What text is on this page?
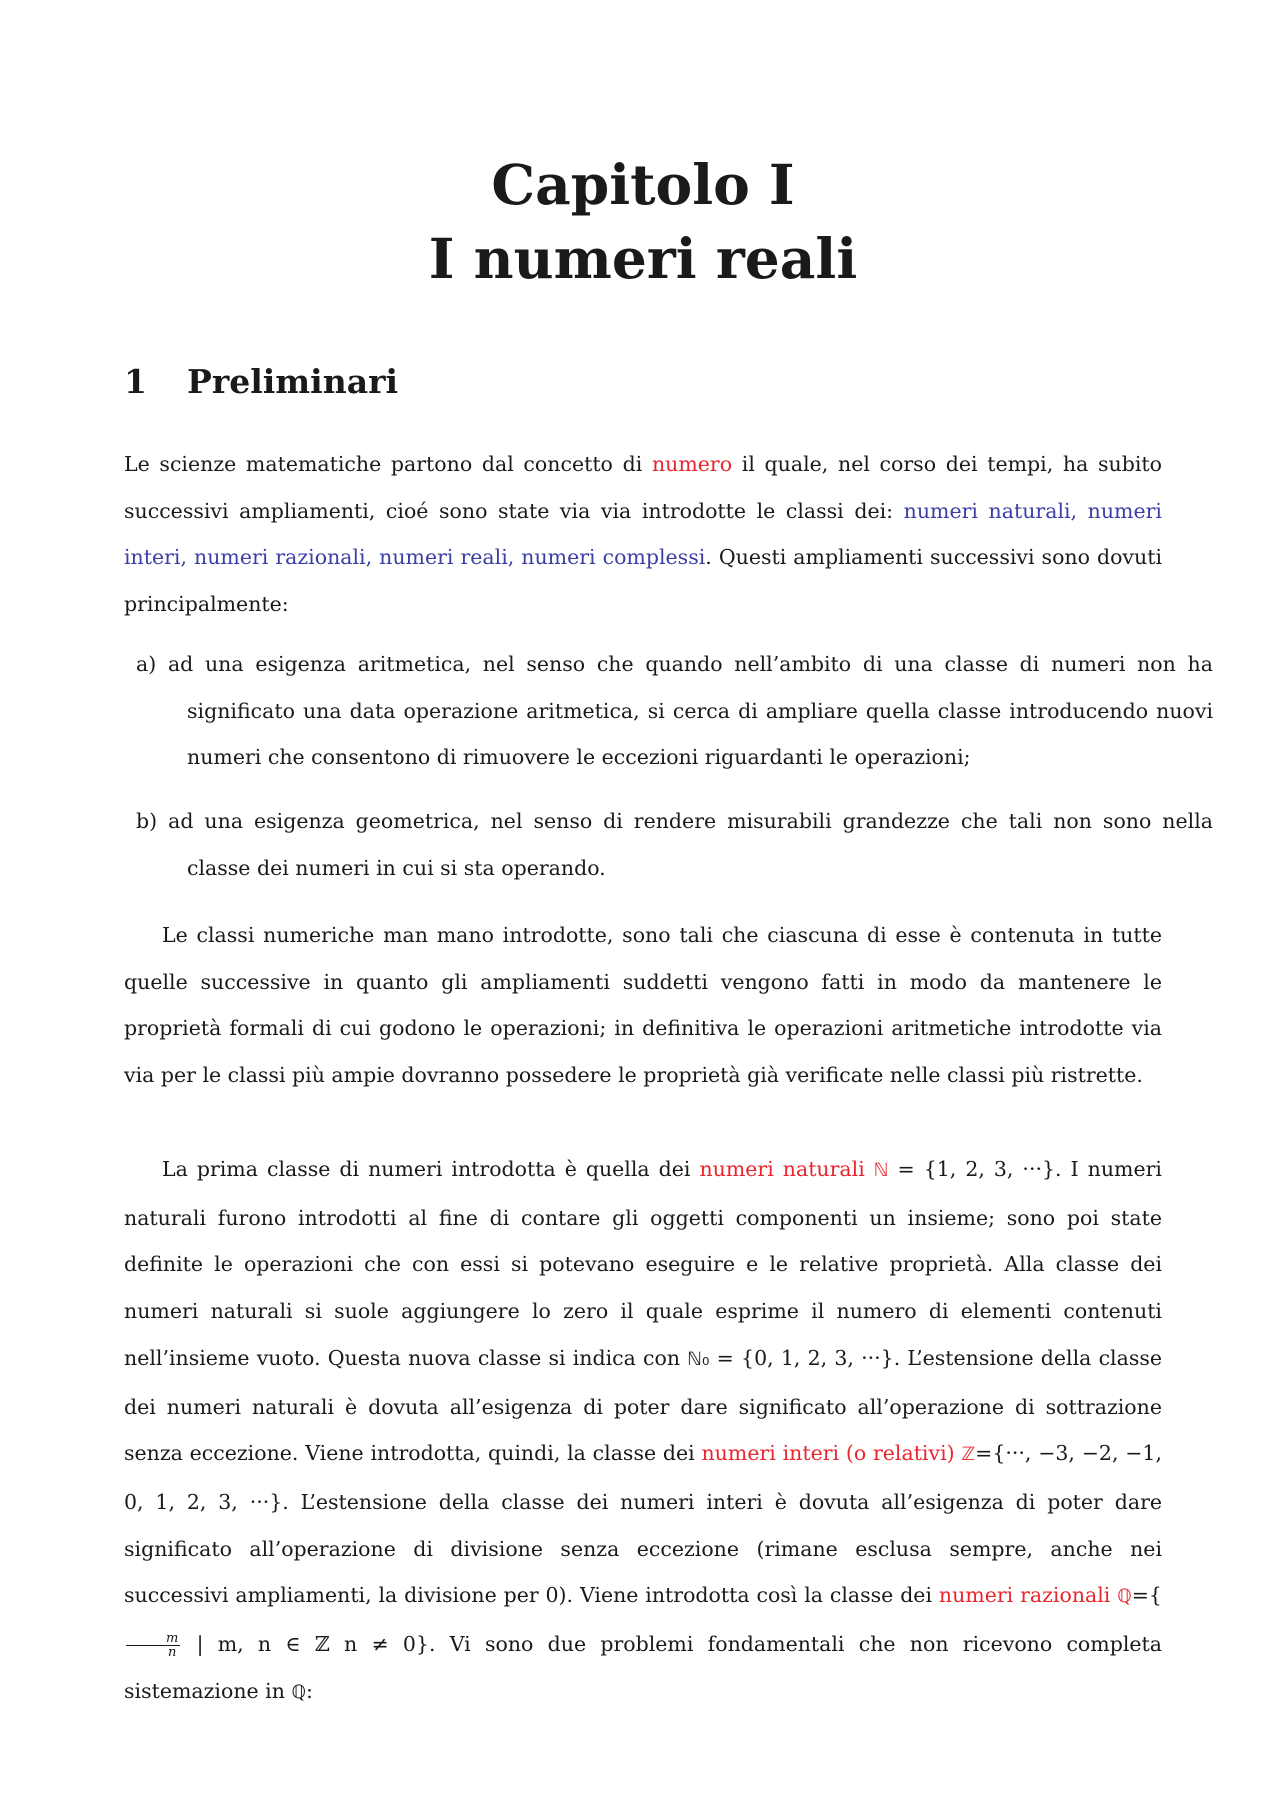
Capitolo I
I numeri reali
1 Preliminari
Le scienze matematiche partono dal concetto di numero il quale, nel corso dei tempi, ha subito successivi ampliamenti, cioé sono state via via introdotte le classi dei: numeri naturali, numeri interi, numeri razionali, numeri reali, numeri complessi. Questi ampliamenti successivi sono dovuti principalmente:
a) ad una esigenza aritmetica, nel senso che quando nell’ambito di una classe di numeri non ha significato una data operazione aritmetica, si cerca di ampliare quella classe introducendo nuovi numeri che consentono di rimuovere le eccezioni riguardanti le operazioni;
b) ad una esigenza geometrica, nel senso di rendere misurabili grandezze che tali non sono nella classe dei numeri in cui si sta operando.
Le classi numeriche man mano introdotte, sono tali che ciascuna di esse è contenuta in tutte quelle successive in quanto gli ampliamenti suddetti vengono fatti in modo da mantenere le proprietà formali di cui godono le operazioni; in definitiva le operazioni aritmetiche introdotte via via per le classi più ampie dovranno possedere le proprietà già verificate nelle classi più ristrette.
La prima classe di numeri introdotta è quella dei numeri naturali ℕ = {1, 2, 3, ···}. I numeri naturali furono introdotti al fine di contare gli oggetti componenti un insieme; sono poi state definite le operazioni che con essi si potevano eseguire e le relative proprietà. Alla classe dei numeri naturali si suole aggiungere lo zero il quale esprime il numero di elementi contenuti nell’insieme vuoto. Questa nuova classe si indica con ℕ₀ = {0, 1, 2, 3, ···}. L’estensione della classe dei numeri naturali è dovuta all’esigenza di poter dare significato all’operazione di sottrazione senza eccezione. Viene introdotta, quindi, la classe dei numeri interi (o relativi) ℤ={···, −3, −2, −1, 0, 1, 2, 3, ···}. L’estensione della classe dei numeri interi è dovuta all’esigenza di poter dare significato all’operazione di divisione senza eccezione (rimane esclusa sempre, anche nei successivi ampliamenti, la divisione per 0). Viene introdotta così la classe dei numeri razionali ℚ={
$\frac{m}{n}$ | m, n ∈ ℤ n ≠ 0}. Vi sono due problemi fondamentali che non ricevono completa sistemazione in ℚ:
